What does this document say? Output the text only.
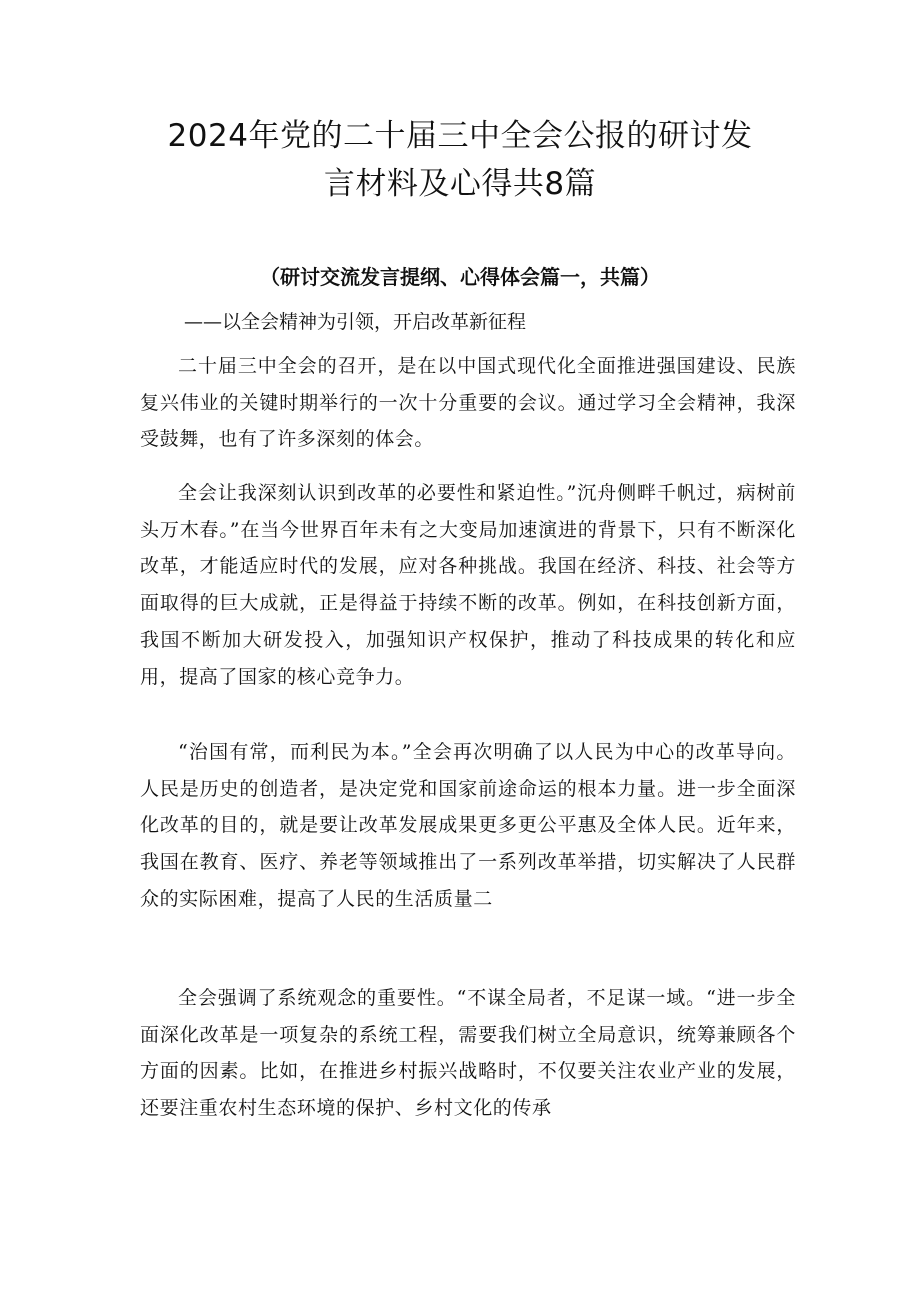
2024年党的二十届三中全会公报的研讨发
言材料及心得共8篇
（研讨交流发言提纲、心得体会篇一，共篇）

——以全会精神为引领，开启改革新征程

二十届三中全会的召开，是在以中国式现代化全面推进强国建设、民族复兴伟业的关键时期举行的一次十分重要的会议。通过学习全会精神，我深受鼓舞，也有了许多深刻的体会。

全会让我深刻认识到改革的必要性和紧迫性。”沉舟侧畔千帆过，病树前头万木春。”在当今世界百年未有之大变局加速演进的背景下，只有不断深化改革，才能适应时代的发展，应对各种挑战。我国在经济、科技、社会等方面取得的巨大成就，正是得益于持续不断的改革。例如，在科技创新方面，我国不断加大研发投入，加强知识产权保护，推动了科技成果的转化和应用，提高了国家的核心竞争力。

“治国有常，而利民为本。”全会再次明确了以人民为中心的改革导向。人民是历史的创造者，是决定党和国家前途命运的根本力量。进一步全面深化改革的目的，就是要让改革发展成果更多更公平惠及全体人民。近年来，我国在教育、医疗、养老等领域推出了一系列改革举措，切实解决了人民群众的实际困难，提高了人民的生活质量二

全会强调了系统观念的重要性。“不谋全局者，不足谋一域。“进一步全面深化改革是一项复杂的系统工程，需要我们树立全局意识，统筹兼顾各个方面的因素。比如，在推进乡村振兴战略时，不仅要关注农业产业的发展，还要注重农村生态环境的保护、乡村文化的传承
